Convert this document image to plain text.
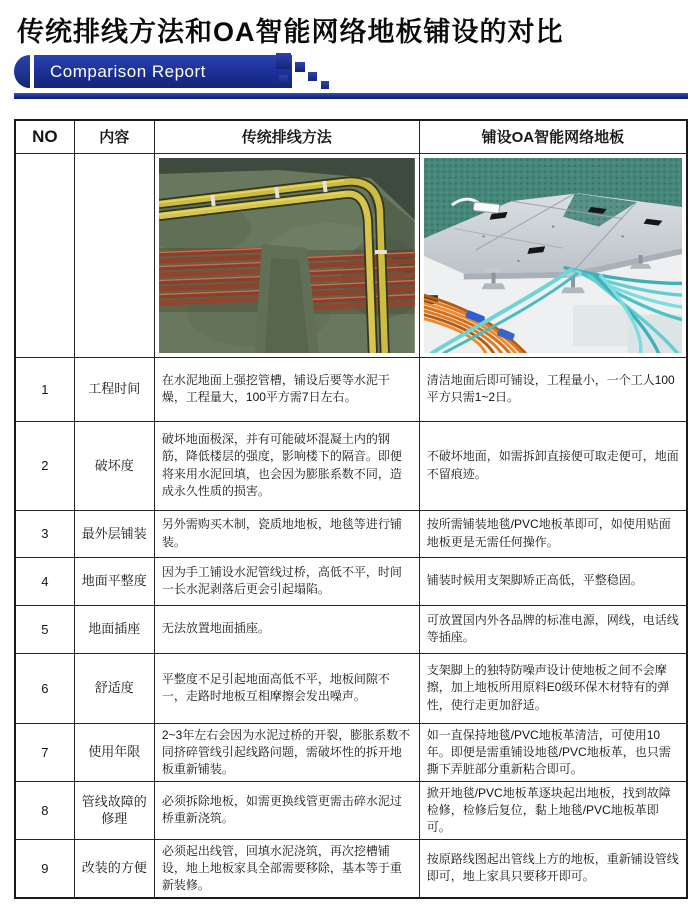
传统排线方法和OA智能网络地板铺设的对比
Comparison Report
NO	内容	传统排线方法	铺设OA智能网络地板

1	工程时间	在水泥地面上强挖管槽，铺设后要等水泥干燥，工程量大，100平方需7日左右。	清洁地面后即可铺设，工程量小，一个工人100平方只需1~2日。
2	破坏度	破坏地面极深，并有可能破坏混凝土内的钢筋，降低楼层的强度，影响楼下的隔音。即便将来用水泥回填，也会因为膨胀系数不同，造成永久性质的损害。	不破坏地面，如需拆卸直接便可取走便可，地面不留痕迹。
3	最外层铺装	另外需购买木制，瓷质地地板，地毯等进行铺装。	按所需铺装地毯/PVC地板革即可，如使用贴面地板更是无需任何操作。
4	地面平整度	因为手工铺设水泥管线过桥，高低不平，时间一长水泥剥落后更会引起塌陷。	铺装时候用支架脚矫正高低，平整稳固。
5	地面插座	无法放置地面插座。	可放置国内外各品牌的标准电源，网线，电话线等插座。
6	舒适度	平整度不足引起地面高低不平，地板间隙不一，走路时地板互相摩擦会发出噪声。	支架脚上的独特防噪声设计使地板之间不会摩擦，加上地板所用原料E0级环保木材特有的弹性，使行走更加舒适。
7	使用年限	2~3年左右会因为水泥过桥的开裂，膨胀系数不同挤碎管线引起线路问题，需破坏性的拆开地板重新铺装。	如一直保持地毯/PVC地板革清洁，可使用10年。即便是需重铺设地毯/PVC地板革，也只需撕下弄脏部分重新粘合即可。
8	管线故障的修理	必须拆除地板，如需更换线管更需击碎水泥过桥重新浇筑。	掀开地毯/PVC地板革逐块起出地板，找到故障检修，检修后复位，黏上地毯/PVC地板革即可。
9	改装的方便	必须起出线管，回填水泥浇筑，再次挖槽铺设，地上地板家具全部需要移除，基本等于重新装修。	按原路线图起出管线上方的地板，重新铺设管线即可，地上家具只要移开即可。
